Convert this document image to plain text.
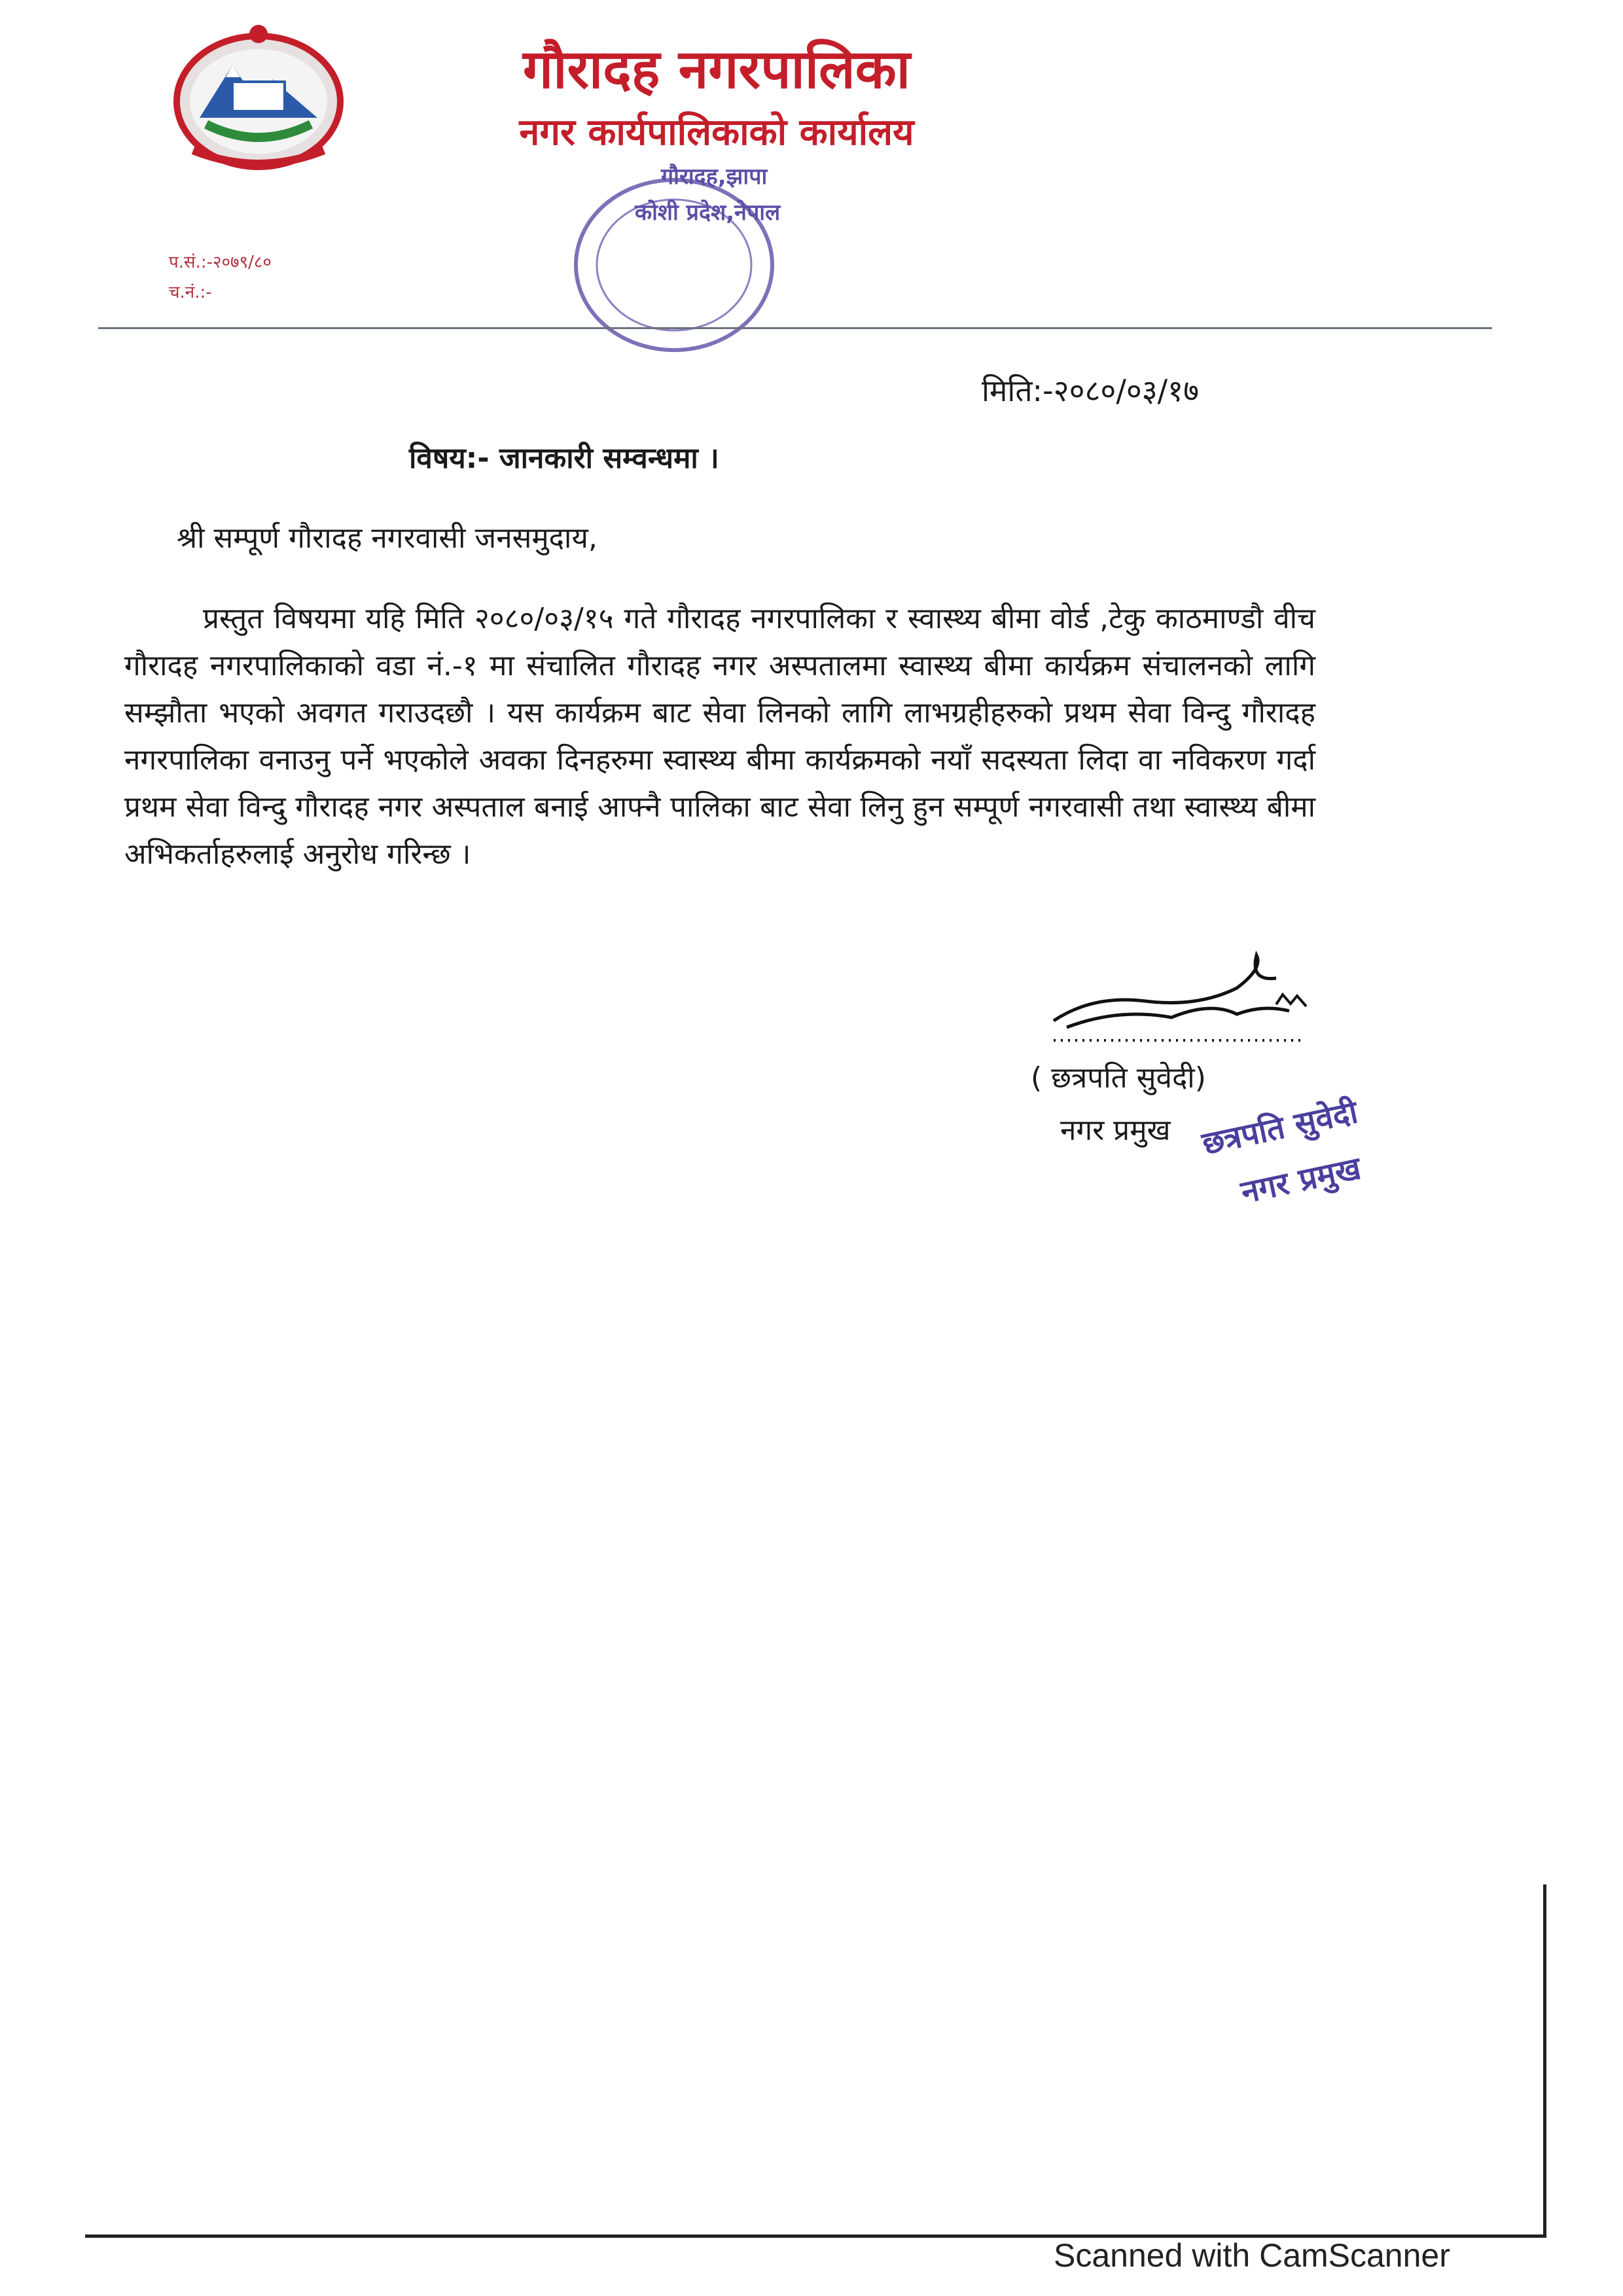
गौरादह नगरपालिका
नगर कार्यपालिकाको कार्यालय
प.सं.:-२०७९/८०
च.नं.:-
गौरादह,झापा
कोशी प्रदेश,नेपाल
मिति:-२०८०/०३/१७
विषय:- जानकारी सम्वन्धमा ।
श्री सम्पूर्ण गौरादह नगरवासी जनसमुदाय,
प्रस्तुत विषयमा यहि मिति २०८०/०३/१५ गते गौरादह नगरपालिका र स्वास्थ्य बीमा वोर्ड ,टेकु काठमाण्डौ वीच गौरादह नगरपालिकाको वडा नं.-१ मा संचालित गौरादह नगर अस्पतालमा स्वास्थ्य बीमा कार्यक्रम संचालनको लागि सम्झौता भएको अवगत गराउदछौ । यस कार्यक्रम बाट सेवा लिनको लागि लाभग्रहीहरुको प्रथम सेवा विन्दु गौरादह नगरपालिका वनाउनु पर्ने भएकोले अवका दिनहरुमा स्वास्थ्य बीमा कार्यक्रमको नयाँ सदस्यता लिदा वा नविकरण गर्दा प्रथम सेवा विन्दु गौरादह नगर अस्पताल बनाई आफ्नै पालिका बाट सेवा लिनु हुन सम्पूर्ण नगरवासी तथा स्वास्थ्य बीमा अभिकर्ताहरुलाई अनुरोध गरिन्छ ।
( छत्रपति सुवेदी)
नगर प्रमुख छत्रपति सुवेदी
नगर प्रमुख
Scanned with CamScanner
